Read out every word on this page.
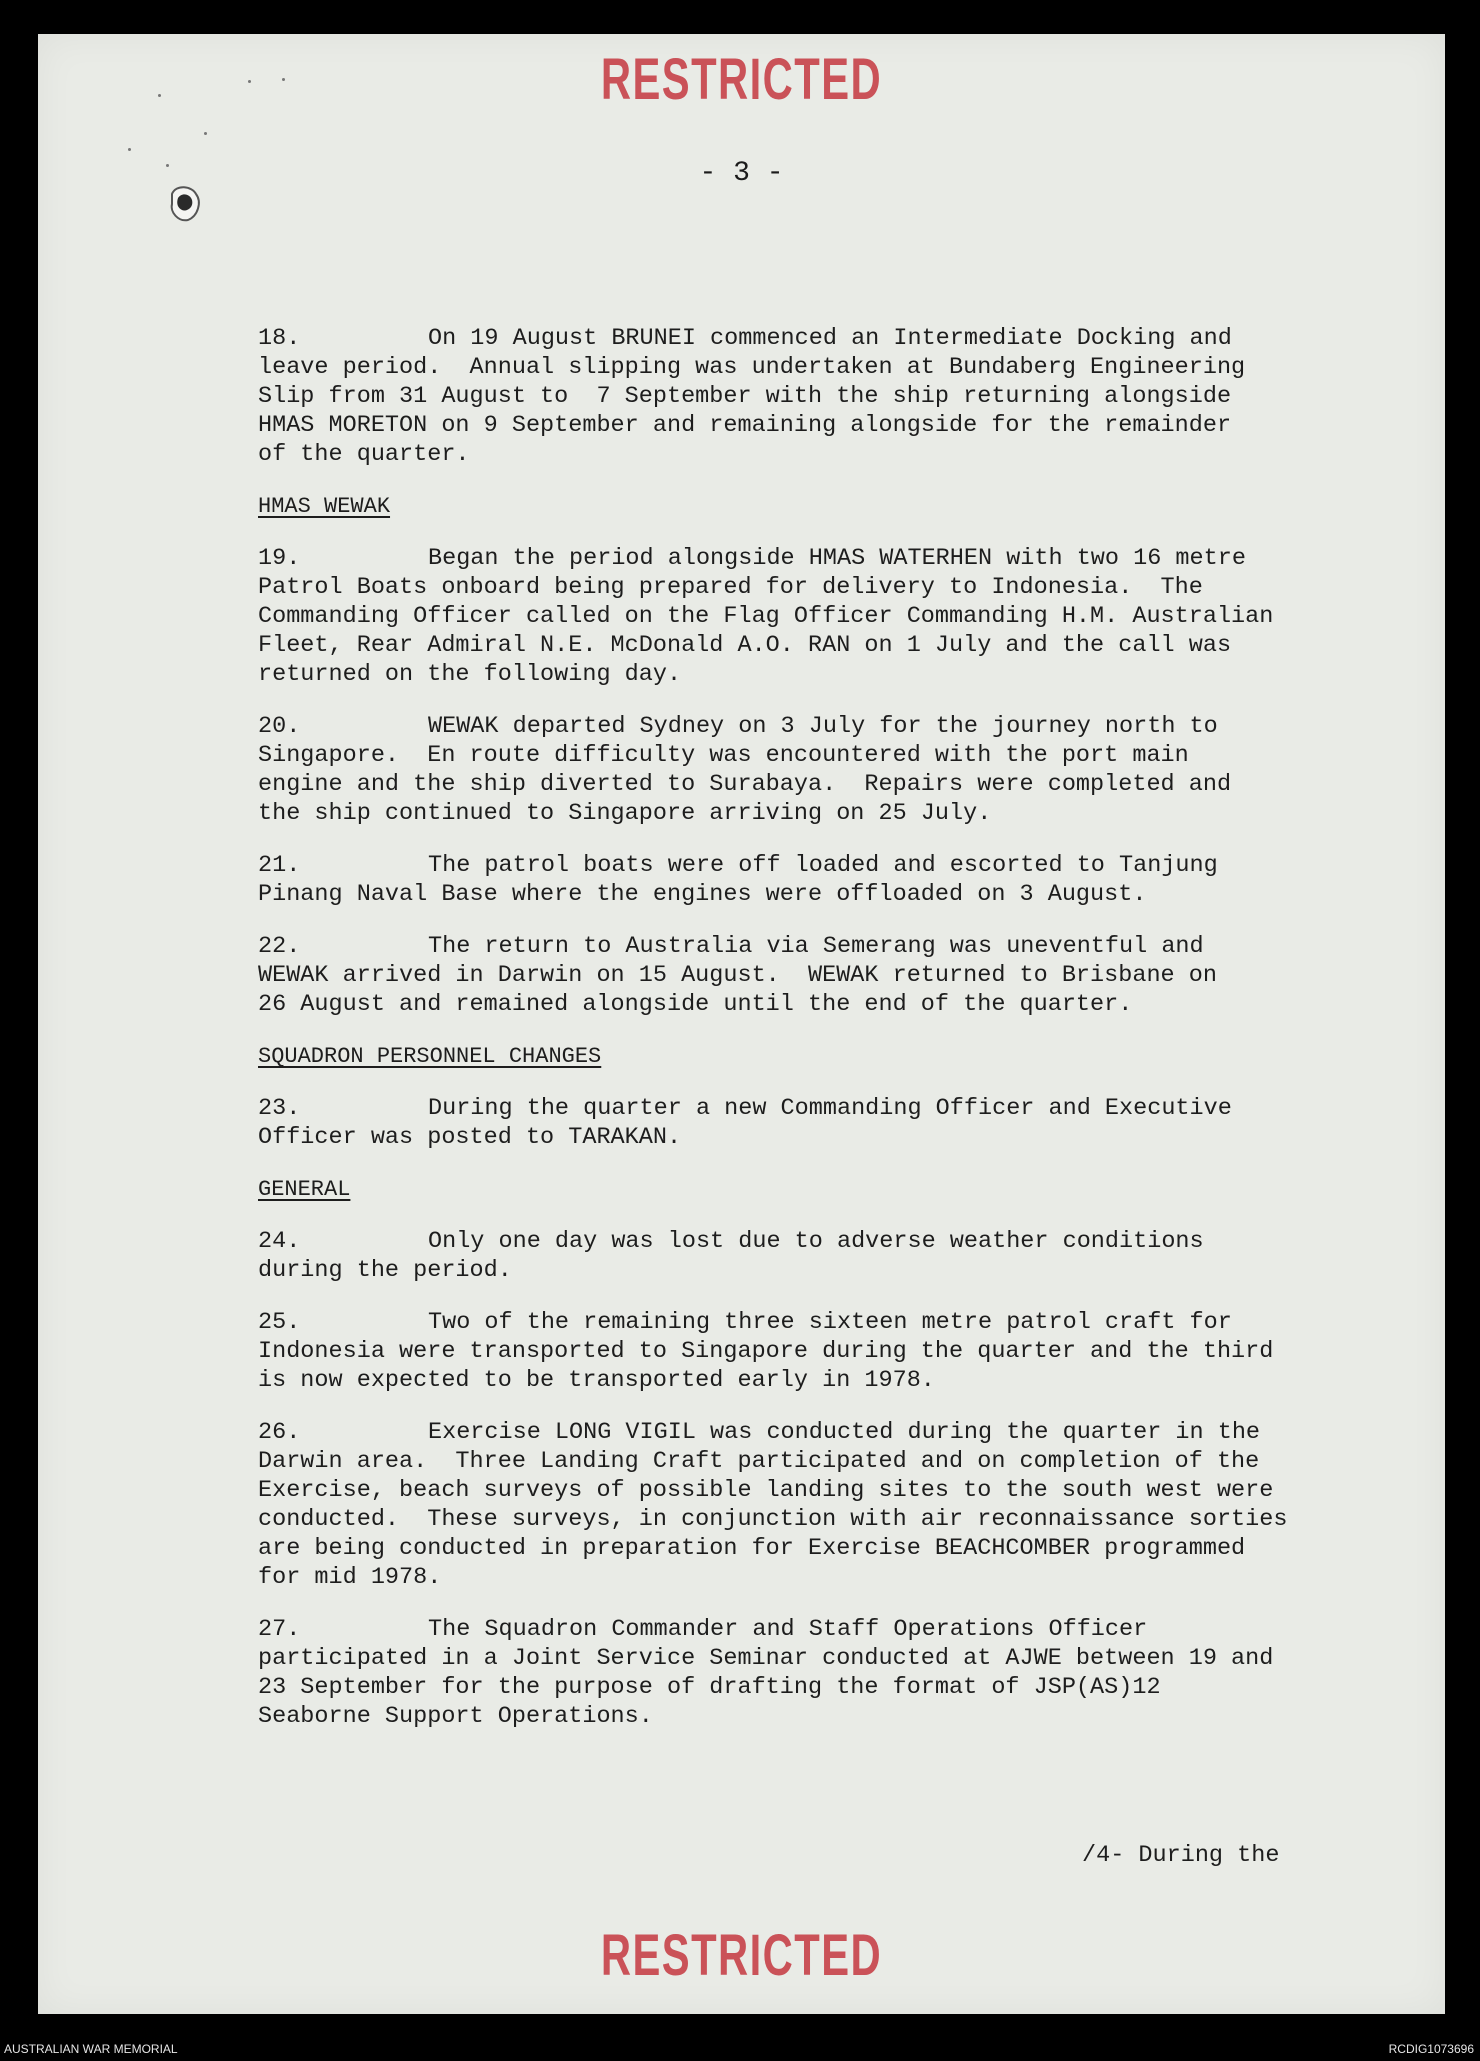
RESTRICTED
- 3 -
18.	On 19 August BRUNEI commenced an Intermediate Docking and
leave period.  Annual slipping was undertaken at Bundaberg Engineering
Slip from 31 August to  7 September with the ship returning alongside
HMAS MORETON on 9 September and remaining alongside for the remainder
of the quarter.
HMAS WEWAK
19.	Began the period alongside HMAS WATERHEN with two 16 metre
Patrol Boats onboard being prepared for delivery to Indonesia.  The
Commanding Officer called on the Flag Officer Commanding H.M. Australian
Fleet, Rear Admiral N.E. McDonald A.O. RAN on 1 July and the call was
returned on the following day.
20.	WEWAK departed Sydney on 3 July for the journey north to
Singapore.  En route difficulty was encountered with the port main
engine and the ship diverted to Surabaya.  Repairs were completed and
the ship continued to Singapore arriving on 25 July.
21.	The patrol boats were off loaded and escorted to Tanjung
Pinang Naval Base where the engines were offloaded on 3 August.
22.	The return to Australia via Semerang was uneventful and
WEWAK arrived in Darwin on 15 August.  WEWAK returned to Brisbane on
26 August and remained alongside until the end of the quarter.
SQUADRON PERSONNEL CHANGES
23.	During the quarter a new Commanding Officer and Executive
Officer was posted to TARAKAN.
GENERAL
24.	Only one day was lost due to adverse weather conditions
during the period.
25.	Two of the remaining three sixteen metre patrol craft for
Indonesia were transported to Singapore during the quarter and the third
is now expected to be transported early in 1978.
26.	Exercise LONG VIGIL was conducted during the quarter in the
Darwin area.  Three Landing Craft participated and on completion of the
Exercise, beach surveys of possible landing sites to the south west were
conducted.  These surveys, in conjunction with air reconnaissance sorties
are being conducted in preparation for Exercise BEACHCOMBER programmed
for mid 1978.
27.	The Squadron Commander and Staff Operations Officer
participated in a Joint Service Seminar conducted at AJWE between 19 and
23 September for the purpose of drafting the format of JSP(AS)12
Seaborne Support Operations.
/4- During the
RESTRICTED
AUSTRALIAN WAR MEMORIAL	RCDIG1073696
